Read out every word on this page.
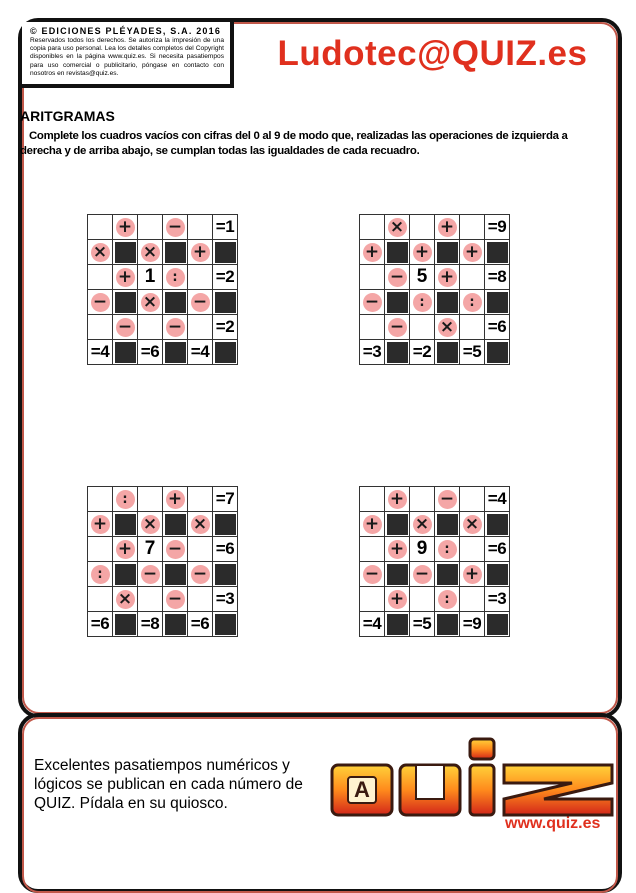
© EDICIONES PLÉYADES, S.A. 2016
Reservados todos los derechos. Se autoriza la impresión de una copia para uso personal. Lea los detalles completos del Copyright disponibles en la página www.quiz.es. Si necesita pasatiempos para uso comercial o publicitario, póngase en contacto con nosotros en revistas@quiz.es.
Ludotec@QUIZ.es
ARITGRAMAS
Complete los cuadros vacíos con cifras del 0 al 9 de modo que, realizadas las operaciones de izquierda a
derecha y de arriba abajo, se cumplan todas las igualdades de cada recuadro.
	+		−		=1
×		×		+	

	+	1	:		=2
−		×		−	

	−		−		=2
=4		=6		=4	
	×		+		=9
+		+		+	

	−	5	+		=8
−		:		:	

	−		×		=6
=3		=2		=5	
	:		+		=7
+		×		×	

	+	7	−		=6
:		−		−	

	×		−		=3
=6		=8		=6	
	+		−		=4
+		×		×	

	+	9	:		=6
−		−		+	

	+		:		=3
=4		=5		=9	
Excelentes pasatiempos numéricos y lógicos se publican en cada número de QUIZ. Pídala en su quiosco.
A
www.quiz.es
